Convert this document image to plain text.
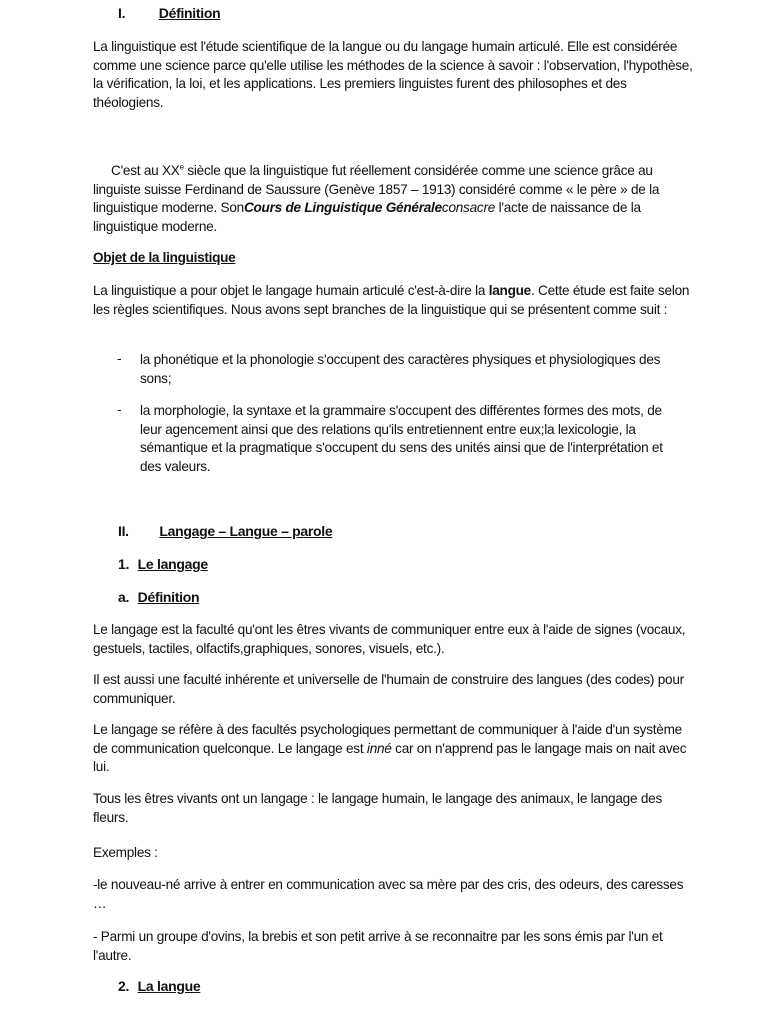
I. Définition

La linguistique est l'étude scientifique de la langue ou du langage humain articulé. Elle est considérée comme une science parce qu'elle utilise les méthodes de la science à savoir : l'observation, l'hypothèse, la vérification, la loi, et les applications. Les premiers linguistes furent des philosophes et des théologiens.

C'est au XXe siècle que la linguistique fut réellement considérée comme une science grâce au linguiste suisse Ferdinand de Saussure (Genève 1857 – 1913) considéré comme « le père » de la linguistique moderne. SonCours de Linguistique Généraleconsacre l'acte de naissance de la linguistique moderne.

Objet de la linguistique

La linguistique a pour objet le langage humain articulé c'est-à-dire la langue. Cette étude est faite selon les règles scientifiques. Nous avons sept branches de la linguistique qui se présentent comme suit :

- la phonétique et la phonologie s'occupent des caractères physiques et physiologiques des sons;

- la morphologie, la syntaxe et la grammaire s'occupent des différentes formes des mots, de leur agencement ainsi que des relations qu'ils entretiennent entre eux;la lexicologie, la sémantique et la pragmatique s'occupent du sens des unités ainsi que de l'interprétation et des valeurs.

II. Langage – Langue – parole
1. Le langage
a. Définition

Le langage est la faculté qu'ont les êtres vivants de communiquer entre eux à l'aide de signes (vocaux, gestuels, tactiles, olfactifs,graphiques, sonores, visuels, etc.).

Il est aussi une faculté inhérente et universelle de l'humain de construire des langues (des codes) pour communiquer.

Le langage se réfère à des facultés psychologiques permettant de communiquer à l'aide d'un système de communication quelconque. Le langage est inné car on n'apprend pas le langage mais on nait avec lui.

Tous les êtres vivants ont un langage : le langage humain, le langage des animaux, le langage des fleurs.

Exemples :

-le nouveau-né arrive à entrer en communication avec sa mère par des cris, des odeurs, des caresses …

- Parmi un groupe d'ovins, la brebis et son petit arrive à se reconnaitre par les sons émis par l'un et l'autre.

2. La langue
